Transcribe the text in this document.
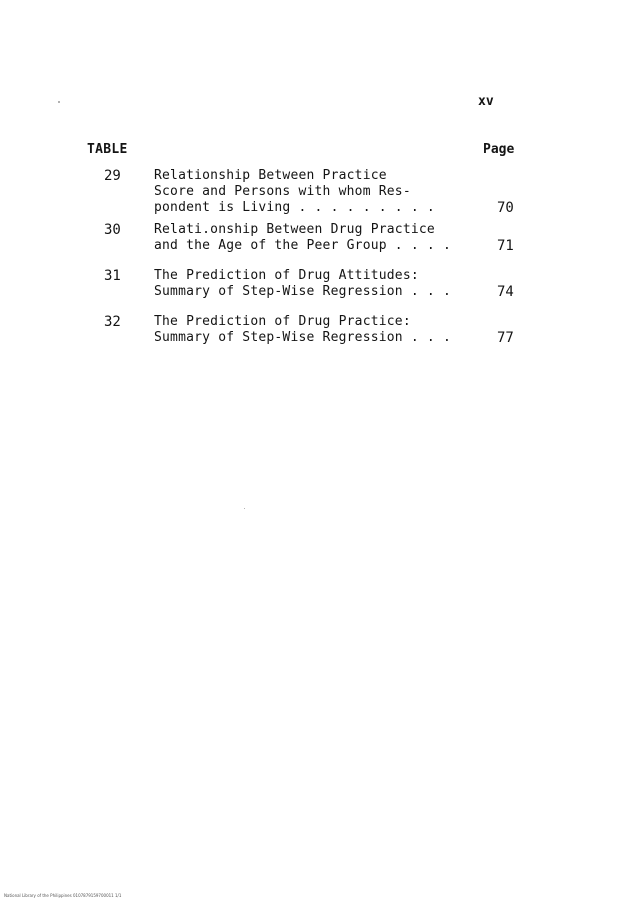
xv
TABLE	Page
29	Relationship Between Practice
Score and Persons with whom Res-
pondent is Living . . . . . . . . .	70
30	Relati.onship Between Drug Practice
and the Age of the Peer Group . . . .	71
31	The Prediction of Drug Attitudes:
Summary of Step-Wise Regression . . .	74
32	The Prediction of Drug Practice:
Summary of Step-Wise Regression . . .	77
National Library of the Philippines 0107879159700011 1/1
